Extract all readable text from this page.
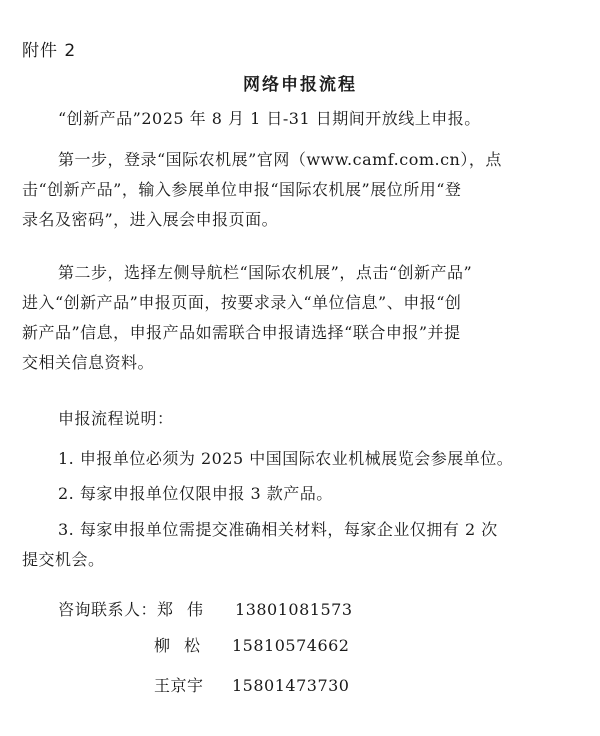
附件 2
网络申报流程
“创新产品”2025 年 8 月 1 日-31 日期间开放线上申报。
第一步，登录“国际农机展”官网（www.camf.com.cn），点
击“创新产品”，输入参展单位申报“国际农机展”展位所用“登
录名及密码”，进入展会申报页面。
第二步，选择左侧导航栏“国际农机展”，点击“创新产品”
进入“创新产品”申报页面，按要求录入“单位信息”、申报“创
新产品”信息，申报产品如需联合申报请选择“联合申报”并提
交相关信息资料。
申报流程说明：
1. 申报单位必须为 2025 中国国际农业机械展览会参展单位。
2. 每家申报单位仅限申报 3 款产品。
3. 每家申报单位需提交准确相关材料，每家企业仅拥有 2 次
提交机会。
咨询联系人：郑伟 13801081573
柳松 15810574662
王京宇 15801473730
